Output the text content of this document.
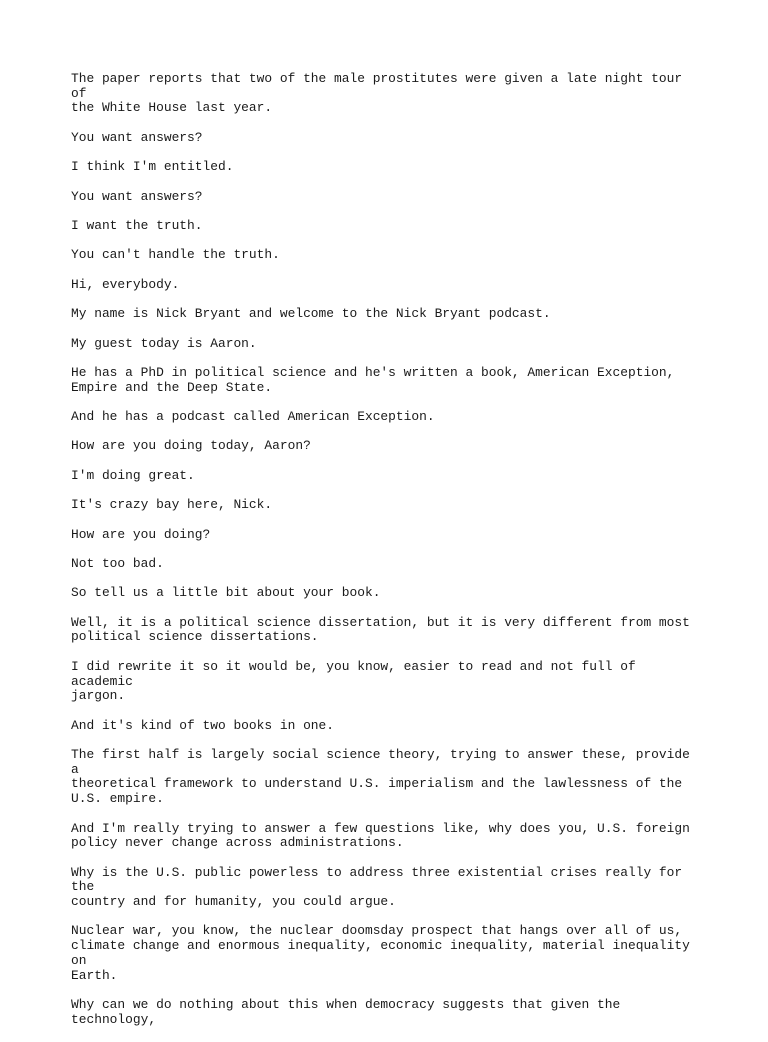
The paper reports that two of the male prostitutes were given a late night tour of
the White House last year.

You want answers?

I think I'm entitled.

You want answers?

I want the truth.

You can't handle the truth.

Hi, everybody.

My name is Nick Bryant and welcome to the Nick Bryant podcast.

My guest today is Aaron.

He has a PhD in political science and he's written a book, American Exception,
Empire and the Deep State.

And he has a podcast called American Exception.

How are you doing today, Aaron?

I'm doing great.

It's crazy bay here, Nick.

How are you doing?

Not too bad.

So tell us a little bit about your book.

Well, it is a political science dissertation, but it is very different from most
political science dissertations.

I did rewrite it so it would be, you know, easier to read and not full of academic
jargon.

And it's kind of two books in one.

The first half is largely social science theory, trying to answer these, provide a
theoretical framework to understand U.S. imperialism and the lawlessness of the
U.S. empire.

And I'm really trying to answer a few questions like, why does you, U.S. foreign
policy never change across administrations.

Why is the U.S. public powerless to address three existential crises really for the
country and for humanity, you could argue.

Nuclear war, you know, the nuclear doomsday prospect that hangs over all of us,
climate change and enormous inequality, economic inequality, material inequality on
Earth.

Why can we do nothing about this when democracy suggests that given the technology,
